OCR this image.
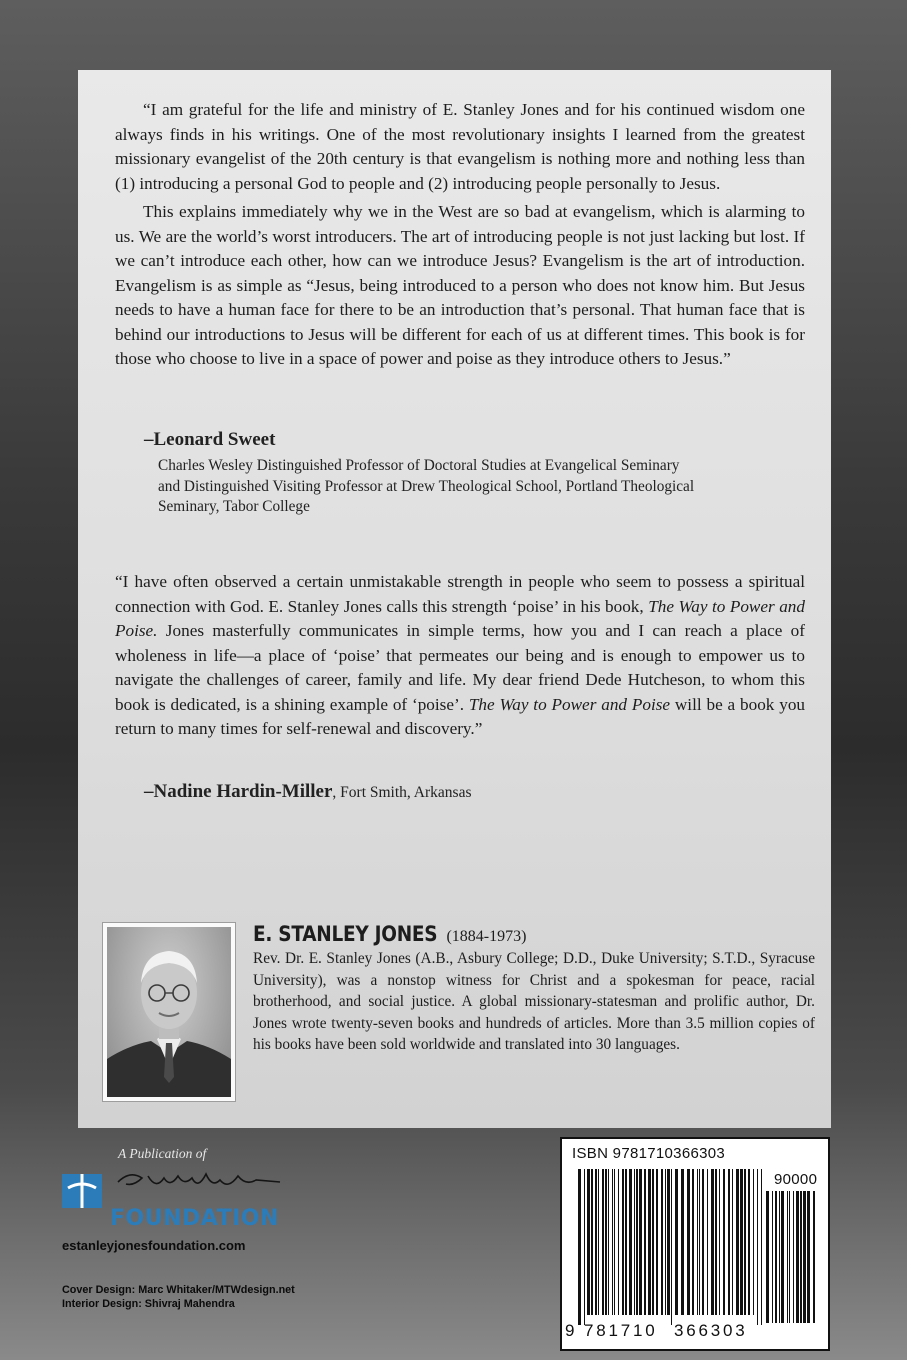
“I am grateful for the life and ministry of E. Stanley Jones and for his continued wisdom one always finds in his writings. One of the most revolutionary insights I learned from the greatest missionary evangelist of the 20th century is that evangelism is nothing more and nothing less than (1) introducing a personal God to people and (2) introducing people personally to Jesus.

This explains immediately why we in the West are so bad at evangelism, which is alarming to us. We are the world’s worst introducers. The art of introducing people is not just lacking but lost. If we can’t introduce each other, how can we introduce Jesus? Evangelism is the art of introduction. Evangelism is as simple as “Jesus, being introduced to a person who does not know him. But Jesus needs to have a human face for there to be an introduction that’s personal. That human face that is behind our introductions to Jesus will be different for each of us at different times. This book is for those who choose to live in a space of power and poise as they introduce others to Jesus.”

–Leonard Sweet
Charles Wesley Distinguished Professor of Doctoral Studies at Evangelical Seminary
and Distinguished Visiting Professor at Drew Theological School, Portland Theological
Seminary, Tabor College

“I have often observed a certain unmistakable strength in people who seem to possess a spiritual connection with God. E. Stanley Jones calls this strength ‘poise’ in his book, The Way to Power and Poise. Jones masterfully communicates in simple terms, how you and I can reach a place of wholeness in life—a place of ‘poise’ that permeates our being and is enough to empower us to navigate the challenges of career, family and life. My dear friend Dede Hutcheson, to whom this book is dedicated, is a shining example of ‘poise’. The Way to Power and Poise will be a book you return to many times for self-renewal and discovery.”

–Nadine Hardin-Miller, Fort Smith, Arkansas
E. STANLEY JONES (1884-1973)

Rev. Dr. E. Stanley Jones (A.B., Asbury College; D.D., Duke University; S.T.D., Syracuse University), was a nonstop witness for Christ and a spokesman for peace, racial brotherhood, and social justice. A global missionary-statesman and prolific author, Dr. Jones wrote twenty-seven books and hundreds of articles. More than 3.5 million copies of his books have been sold worldwide and translated into 30 languages.

A Publication of
FOUNDATION
estanleyjonesfoundation.com
Cover Design: Marc Whitaker/MTWdesign.net
Interior Design: Shivraj Mahendra
ISBN 9781710366303
90000
9 781710 366303
